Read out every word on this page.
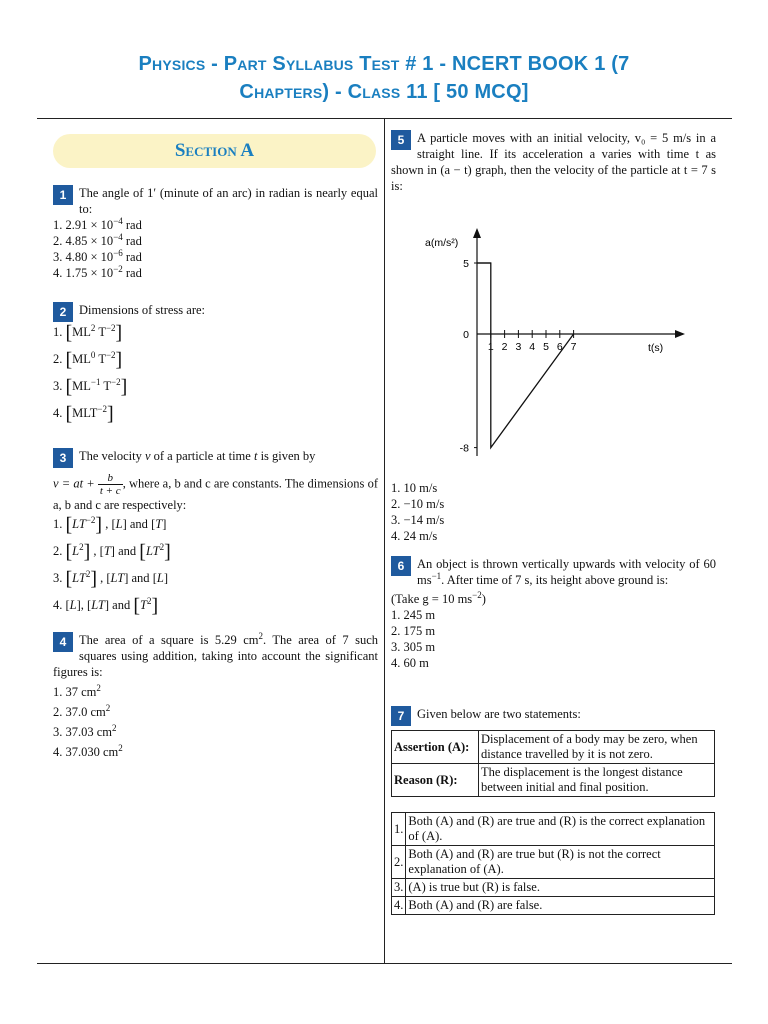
Physics - Part Syllabus Test # 1 - NCERT BOOK 1 (7
Chapters) - Class 11 [ 50 MCQ]
Section A
1	The angle of 1′ (minute of an arc) in radian is nearly equal to:
1. $2.91 \times 10^{-4}$ rad
2. $4.85 \times 10^{-4}$ rad
3. $4.80 \times 10^{-6}$ rad
4. $1.75 \times 10^{-2}$ rad
2	Dimensions of stress are:
1. [$ML^2$ $T^{-2}$]
2. [$ML^0$ $T^{-2}$]
3. [$ML^{-1}$ $T^{-2}$]
4. $[MLT^{-2}]$
3	The velocity v of a particle at time t is given by
v = at + $\frac{b}{t + c}$ , where a, b and c are constants. The dimensions of a, b and c are respectively:
1. $[LT^{-2}]$ , [L] and [T]
2. $[L^2]$ , [T] and $[LT^2]$
3. $[LT^2]$ , [LT] and [L]
4. [L], [LT] and $[T^2]$
4	The area of a square is 5.29 $cm^2$. The area of 7 such squares using addition, taking into account the significant figures is:
1. 37 $cm^2$
2. 37.0 $cm^2$
3. 37.03 $cm^2$
4. 37.030 $cm^2$
5	A particle moves with an initial velocity, v₀ = 5 m/s in a straight line. If its acceleration a varies with time t as shown in (a − t) graph, then the velocity of the particle at t = 7 s is:
a(m/s²)
t(s)
5
0
-8
1 2 3 4 5 6 7
1. 10 m/s
2. −10 m/s
3. −14 m/s
4. 24 m/s
6	An object is thrown vertically upwards with velocity of 60 $ms^{-1}$. After time of 7 s, its height above ground is:
(Take g = 10 $ms^{-2}$)
1. 245 m
2. 175 m
3. 305 m
4. 60 m
7	Given below are two statements:
Assertion (A):	Displacement of a body may be zero, when distance travelled by it is not zero.
Reason (R):	The displacement is the longest distance between initial and final position.
1.	Both (A) and (R) are true and (R) is the correct explanation of (A).
2.	Both (A) and (R) are true but (R) is not the correct explanation of (A).
3.	(A) is true but (R) is false.
4.	Both (A) and (R) are false.
